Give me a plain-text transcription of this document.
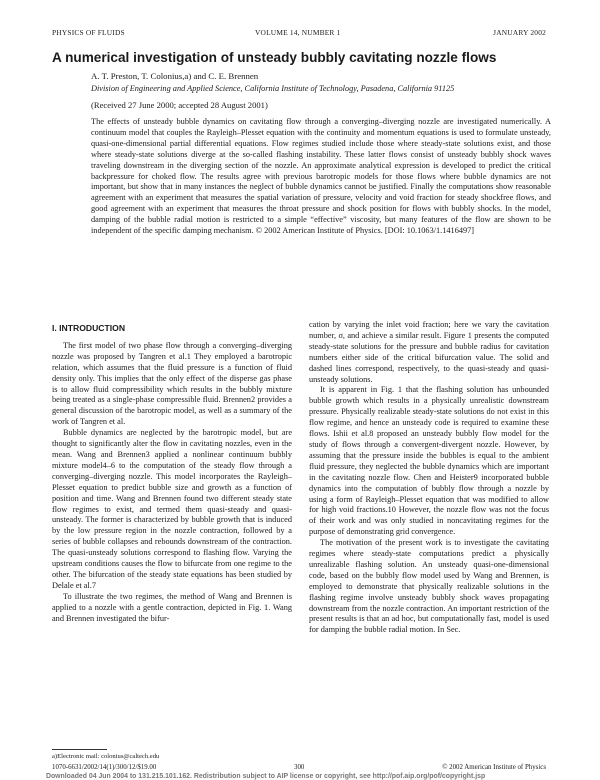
PHYSICS OF FLUIDS	VOLUME 14, NUMBER 1	JANUARY 2002
A numerical investigation of unsteady bubbly cavitating nozzle flows
A. T. Preston, T. Colonius,a) and C. E. Brennen
Division of Engineering and Applied Science, California Institute of Technology, Pasadena, California 91125
(Received 27 June 2000; accepted 28 August 2001)

The effects of unsteady bubble dynamics on cavitating flow through a converging–diverging nozzle are investigated numerically. A continuum model that couples the Rayleigh–Plesset equation with the continuity and momentum equations is used to formulate unsteady, quasi-one-dimensional partial differential equations. Flow regimes studied include those where steady-state solutions exist, and those where steady-state solutions diverge at the so-called flashing instability. These latter flows consist of unsteady bubbly shock waves traveling downstream in the diverging section of the nozzle. An approximate analytical expression is developed to predict the critical backpressure for choked flow. The results agree with previous barotropic models for those flows where bubble dynamics are not important, but show that in many instances the neglect of bubble dynamics cannot be justified. Finally the computations show reasonable agreement with an experiment that measures the spatial variation of pressure, velocity and void fraction for steady shockfree flows, and good agreement with an experiment that measures the throat pressure and shock position for flows with bubbly shocks. In the model, damping of the bubble radial motion is restricted to a simple “effective” viscosity, but many features of the flow are shown to be independent of the specific damping mechanism. © 2002 American Institute of Physics. [DOI: 10.1063/1.1416497]

I. INTRODUCTION

The first model of two phase flow through a converging–diverging nozzle was proposed by Tangren et al.1 They employed a barotropic relation, which assumes that the fluid pressure is a function of fluid density only. This implies that the only effect of the disperse gas phase is to allow fluid compressibility which results in the bubbly mixture being treated as a single-phase compressible fluid. Brennen2 provides a general discussion of the barotropic model, as well as a summary of the work of Tangren et al.

Bubble dynamics are neglected by the barotropic model, but are thought to significantly alter the flow in cavitating nozzles, even in the mean. Wang and Brennen3 applied a nonlinear continuum bubbly mixture model4–6 to the computation of the steady flow through a converging–diverging nozzle. This model incorporates the Rayleigh–Plesset equation to predict bubble size and growth as a function of position and time. Wang and Brennen found two different steady state flow regimes to exist, and termed them quasi-steady and quasi-unsteady. The former is characterized by bubble growth that is induced by the low pressure region in the nozzle contraction, followed by a series of bubble collapses and rebounds downstream of the contraction. The quasi-unsteady solutions correspond to flashing flow. Varying the upstream conditions causes the flow to bifurcate from one regime to the other. The bifurcation of the steady state equations has been studied by Delale et al.7

To illustrate the two regimes, the method of Wang and Brennen is applied to a nozzle with a gentle contraction, depicted in Fig. 1. Wang and Brennen investigated the bifur-

cation by varying the inlet void fraction; here we vary the cavitation number, σ, and achieve a similar result. Figure 1 presents the computed steady-state solutions for the pressure and bubble radius for cavitation numbers either side of the critical bifurcation value. The solid and dashed lines correspond, respectively, to the quasi-steady and quasi-unsteady solutions.

It is apparent in Fig. 1 that the flashing solution has unbounded bubble growth which results in a physically unrealistic downstream pressure. Physically realizable steady-state solutions do not exist in this flow regime, and hence an unsteady code is required to examine these flows. Ishii et al.8 proposed an unsteady bubbly flow model for the study of flows through a convergent-divergent nozzle. However, by assuming that the pressure inside the bubbles is equal to the ambient fluid pressure, they neglected the bubble dynamics which are important in the cavitating nozzle flow. Chen and Heister9 incorporated bubble dynamics into the computation of bubbly flow through a nozzle by using a form of Rayleigh–Plesset equation that was modified to allow for high void fractions.10 However, the nozzle flow was not the focus of their work and was only studied in noncavitating regimes for the purpose of demonstrating grid convergence.

The motivation of the present work is to investigate the cavitating regimes where steady-state computations predict a physically unrealizable flashing solution. An unsteady quasi-one-dimensional code, based on the bubbly flow model used by Wang and Brennen, is employed to demonstrate that physically realizable solutions in the flashing regime involve unsteady bubbly shock waves propagating downstream from the nozzle contraction. An important restriction of the present results is that an ad hoc, but computationally fast, model is used for damping the bubble radial motion. In Sec.

a)Electronic mail: colonius@caltech.edu
1070-6631/2002/14(1)/300/12/$19.00	300	© 2002 American Institute of Physics
Downloaded 04 Jun 2004 to 131.215.101.162. Redistribution subject to AIP license or copyright, see http://pof.aip.org/pof/copyright.jsp
